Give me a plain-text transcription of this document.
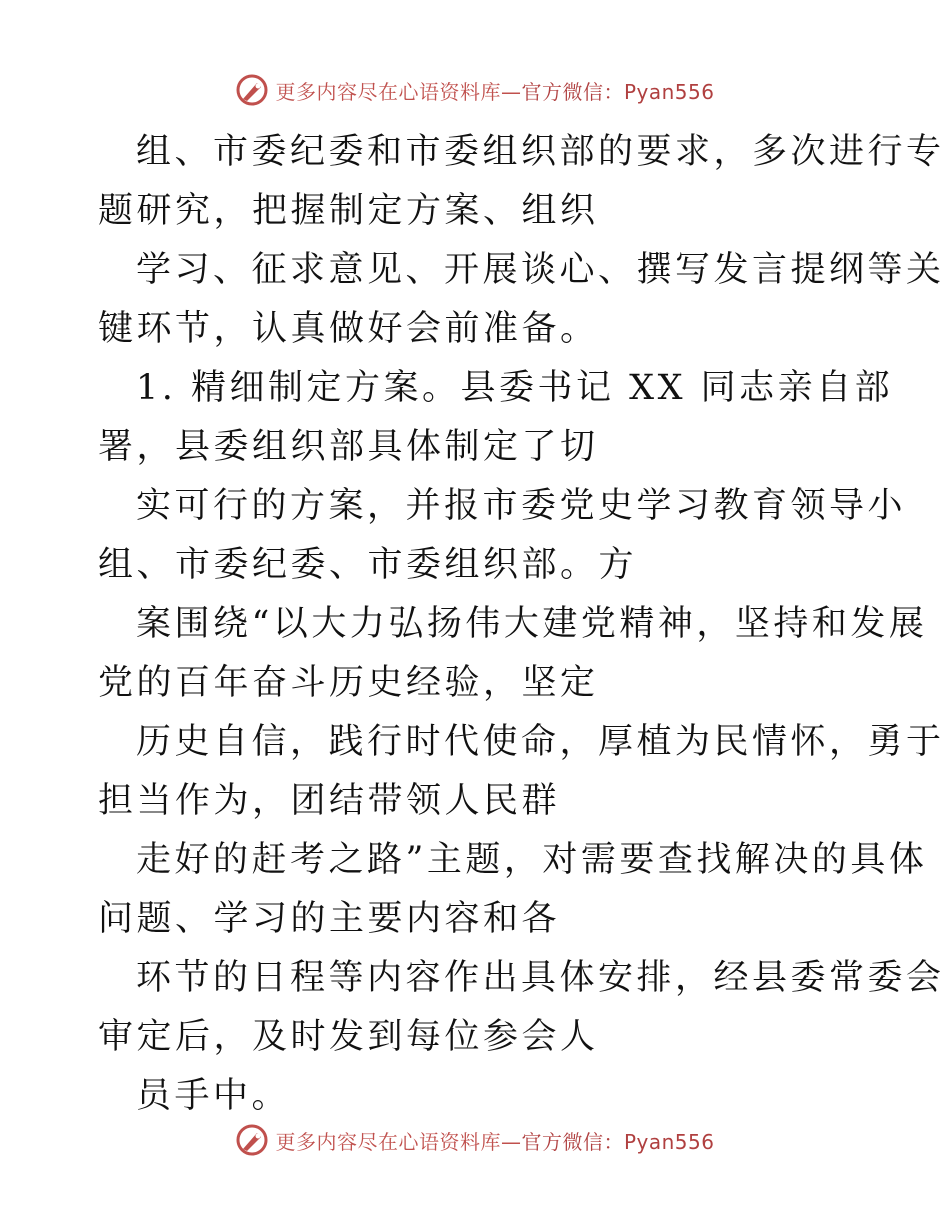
更多内容尽在心语资料库—官方微信：Pyan556
组、市委纪委和市委组织部的要求，多次进行专
题研究，把握制定方案、组织
学习、征求意见、开展谈心、撰写发言提纲等关
键环节，认真做好会前准备。
1. 精细制定方案。县委书记 XX 同志亲自部
署，县委组织部具体制定了切
实可行的方案，并报市委党史学习教育领导小
组、市委纪委、市委组织部。方
案围绕“以大力弘扬伟大建党精神，坚持和发展
党的百年奋斗历史经验，坚定
历史自信，践行时代使命，厚植为民情怀，勇于
担当作为，团结带领人民群
走好的赶考之路”主题，对需要查找解决的具体
问题、学习的主要内容和各
环节的日程等内容作出具体安排，经县委常委会
审定后，及时发到每位参会人
员手中。
更多内容尽在心语资料库—官方微信：Pyan556
